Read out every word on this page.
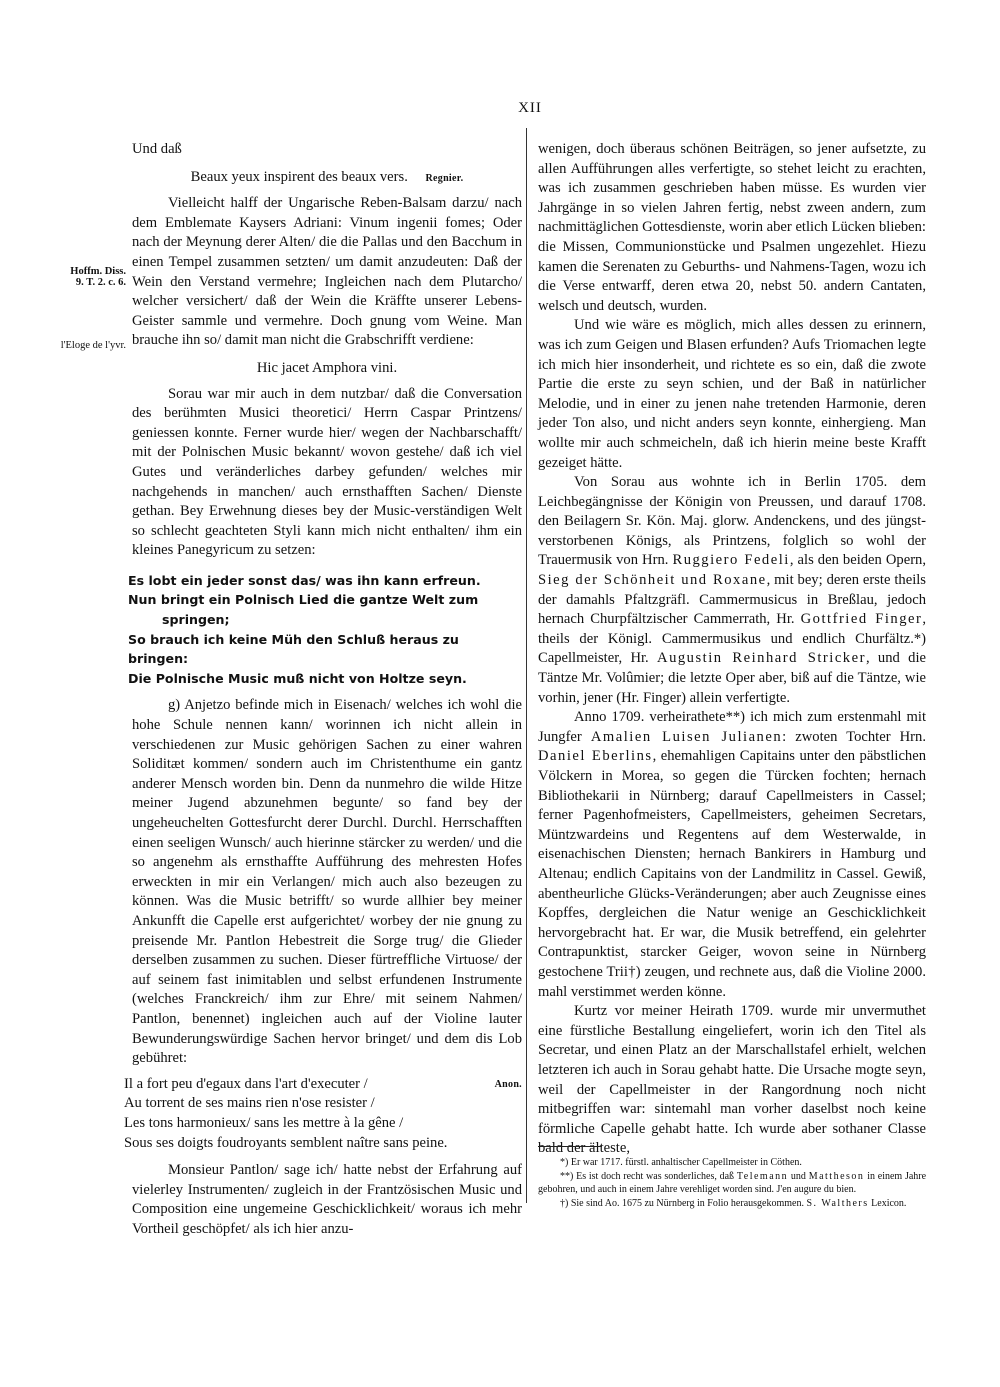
XII
Hoffm. Diss. 9. T. 2. c. 6.
l'Eloge de l'yvr.

Und daß

Beaux yeux inspirent des beaux vers. Regnier.

Vielleicht halff der Ungarische Reben-Balsam darzu/ nach dem Emblemate Kaysers Adriani: Vinum ingenii fomes; Oder nach der Meynung derer Alten/ die die Pallas und den Bacchum in einen Tempel zusammen setzten/ um damit anzudeuten: Daß der Wein den Verstand vermehre; Ingleichen nach dem Plutarcho/ welcher versichert/ daß der Wein die Kräffte unserer Lebens-Geister sammle und vermehre. Doch gnung vom Weine. Man brauche ihn so/ damit man nicht die Grabschrifft verdiene:

Hic jacet Amphora vini.

Sorau war mir auch in dem nutzbar/ daß die Conversation des berühmten Musici theoretici/ Herrn Caspar Printzens/ geniessen konnte. Ferner wurde hier/ wegen der Nachbarschafft/ mit der Polnischen Music bekannt/ wovon gestehe/ daß ich viel Gutes und veränderliches darbey gefunden/ welches mir nachgehends in manchen/ auch ernsthafften Sachen/ Dienste gethan. Bey Erwehnung dieses bey der Music-verständigen Welt so schlecht geachteten Styli kann mich nicht enthalten/ ihm ein kleines Panegyricum zu setzen:

Es lobt ein jeder sonst das/ was ihn kann erfreun.
Nun bringt ein Polnisch Lied die gantze Welt zum
springen;
So brauch ich keine Müh den Schluß heraus zu bringen:
Die Polnische Music muß nicht von Holtze seyn.

g) Anjetzo befinde mich in Eisenach/ welches ich wohl die hohe Schule nennen kann/ worinnen ich nicht allein in verschiedenen zur Music gehörigen Sachen zu einer wahren Soliditæt kommen/ sondern auch im Christenthume ein gantz anderer Mensch worden bin. Denn da nunmehro die wilde Hitze meiner Jugend abzunehmen begunte/ so fand bey der ungeheuchelten Gottesfurcht derer Durchl. Durchl. Herrschafften einen seeligen Wunsch/ auch hierinne stärcker zu werden/ und die so angenehm als ernsthaffte Aufführung des mehresten Hofes erweckten in mir ein Verlangen/ mich auch also bezeugen zu können. Was die Music betrifft/ so wurde allhier bey meiner Ankunfft die Capelle erst aufgerichtet/ worbey der nie gnung zu preisende Mr. Pantlon Hebestreit die Sorge trug/ die Glieder derselben zusammen zu suchen. Dieser fürtreffliche Virtuose/ der auf seinem fast inimitablen und selbst erfundenen Instrumente (welches Franckreich/ ihm zur Ehre/ mit seinem Nahmen/ Pantlon, benennet) ingleichen auch auf der Violine lauter Bewunderungswürdige Sachen hervor bringet/ und dem dis Lob gebühret:

Il a fort peu d'egaux dans l'art d'executer /	Anon.
Au torrent de ses mains rien n'ose resister /
Les tons harmonieux/ sans les mettre à la gêne /
Sous ses doigts foudroyants semblent naître sans peine.

Monsieur Pantlon/ sage ich/ hatte nebst der Erfahrung auf vielerley Instrumenten/ zugleich in der Frantzösischen Music und Composition eine ungemeine Geschicklichkeit/ woraus ich mehr Vortheil geschöpfet/ als ich hier anzu-

wenigen, doch überaus schönen Beiträgen, so jener aufsetzte, zu allen Aufführungen alles verfertigte, so stehet leicht zu erachten, was ich zusammen geschrieben haben müsse. Es wurden vier Jahrgänge in so vielen Jahren fertig, nebst zween andern, zum nachmittäglichen Gottesdienste, worin aber etlich Lücken blieben: die Missen, Communionstücke und Psalmen ungezehlet. Hiezu kamen die Serenaten zu Geburths- und Nahmens-Tagen, wozu ich die Verse entwarff, deren etwa 20, nebst 50. andern Cantaten, welsch und deutsch, wurden.

Und wie wäre es möglich, mich alles dessen zu erinnern, was ich zum Geigen und Blasen erfunden? Aufs Triomachen legte ich mich hier insonderheit, und richtete es so ein, daß die zwote Partie die erste zu seyn schien, und der Baß in natürlicher Melodie, und in einer zu jenen nahe tretenden Harmonie, deren jeder Ton also, und nicht anders seyn konnte, einhergieng. Man wollte mir auch schmeicheln, daß ich hierin meine beste Krafft gezeiget hätte.

Von Sorau aus wohnte ich in Berlin 1705. dem Leichbegängnisse der Königin von Preussen, und darauf 1708. den Beilagern Sr. Kön. Maj. glorw. Andenckens, und des jüngst-verstorbenen Königs, als Printzens, folglich so wohl der Trauermusik von Hrn. Ruggiero Fedeli, als den beiden Opern, Sieg der Schönheit und Roxane, mit bey; deren erste theils der damahls Pfaltzgräfl. Cammermusicus in Breßlau, jedoch hernach Churpfältzischer Cammerrath, Hr. Gottfried Finger, theils der Königl. Cammermusikus und endlich Churfältz.*) Capellmeister, Hr. Augustin Reinhard Stricker, und die Täntze Mr. Volûmier; die letzte Oper aber, biß auf die Täntze, wie vorhin, jener (Hr. Finger) allein verfertigte.

Anno 1709. verheirathete**) ich mich zum erstenmahl mit Jungfer Amalien Luisen Julianen: zwoten Tochter Hrn. Daniel Eberlins, ehemahligen Capitains unter den päbstlichen Völckern in Morea, so gegen die Türcken fochten; hernach Bibliothekarii in Nürnberg; darauf Capellmeisters in Cassel; ferner Pagenhofmeisters, Capellmeisters, geheimen Secretars, Müntzwardeins und Regentens auf dem Westerwalde, in eisenachischen Diensten; hernach Bankirers in Hamburg und Altenau; endlich Capitains von der Landmilitz in Cassel. Gewiß, abentheurliche Glücks-Veränderungen; aber auch Zeugnisse eines Kopffes, dergleichen die Natur wenige an Geschicklichkeit hervorgebracht hat. Er war, die Musik betreffend, ein gelehrter Contrapunktist, starcker Geiger, wovon seine in Nürnberg gestochene Trii†) zeugen, und rechnete aus, daß die Violine 2000. mahl verstimmet werden könne.

Kurtz vor meiner Heirath 1709. wurde mir unvermuthet eine fürstliche Bestallung eingeliefert, worin ich den Titel als Secretar, und einen Platz an der Marschallstafel erhielt, welchen letzteren ich auch in Sorau gehabt hatte. Die Ursache mogte seyn, weil der Capellmeister in der Rangordnung noch nicht mitbegriffen war: sintemahl man vorher daselbst noch keine förmliche Capelle gehabt hatte. Ich wurde aber sothaner Classe bald der älteste,

*) Er war 1717. fürstl. anhaltischer Capellmeister in Cöthen.

**) Es ist doch recht was sonderliches, daß Telemann und Mattheson in einem Jahre gebohren, und auch in einem Jahre verehliget worden sind. J'en augure du bien.

†) Sie sind Ao. 1675 zu Nürnberg in Folio herausgekommen. S. Walthers Lexicon.
